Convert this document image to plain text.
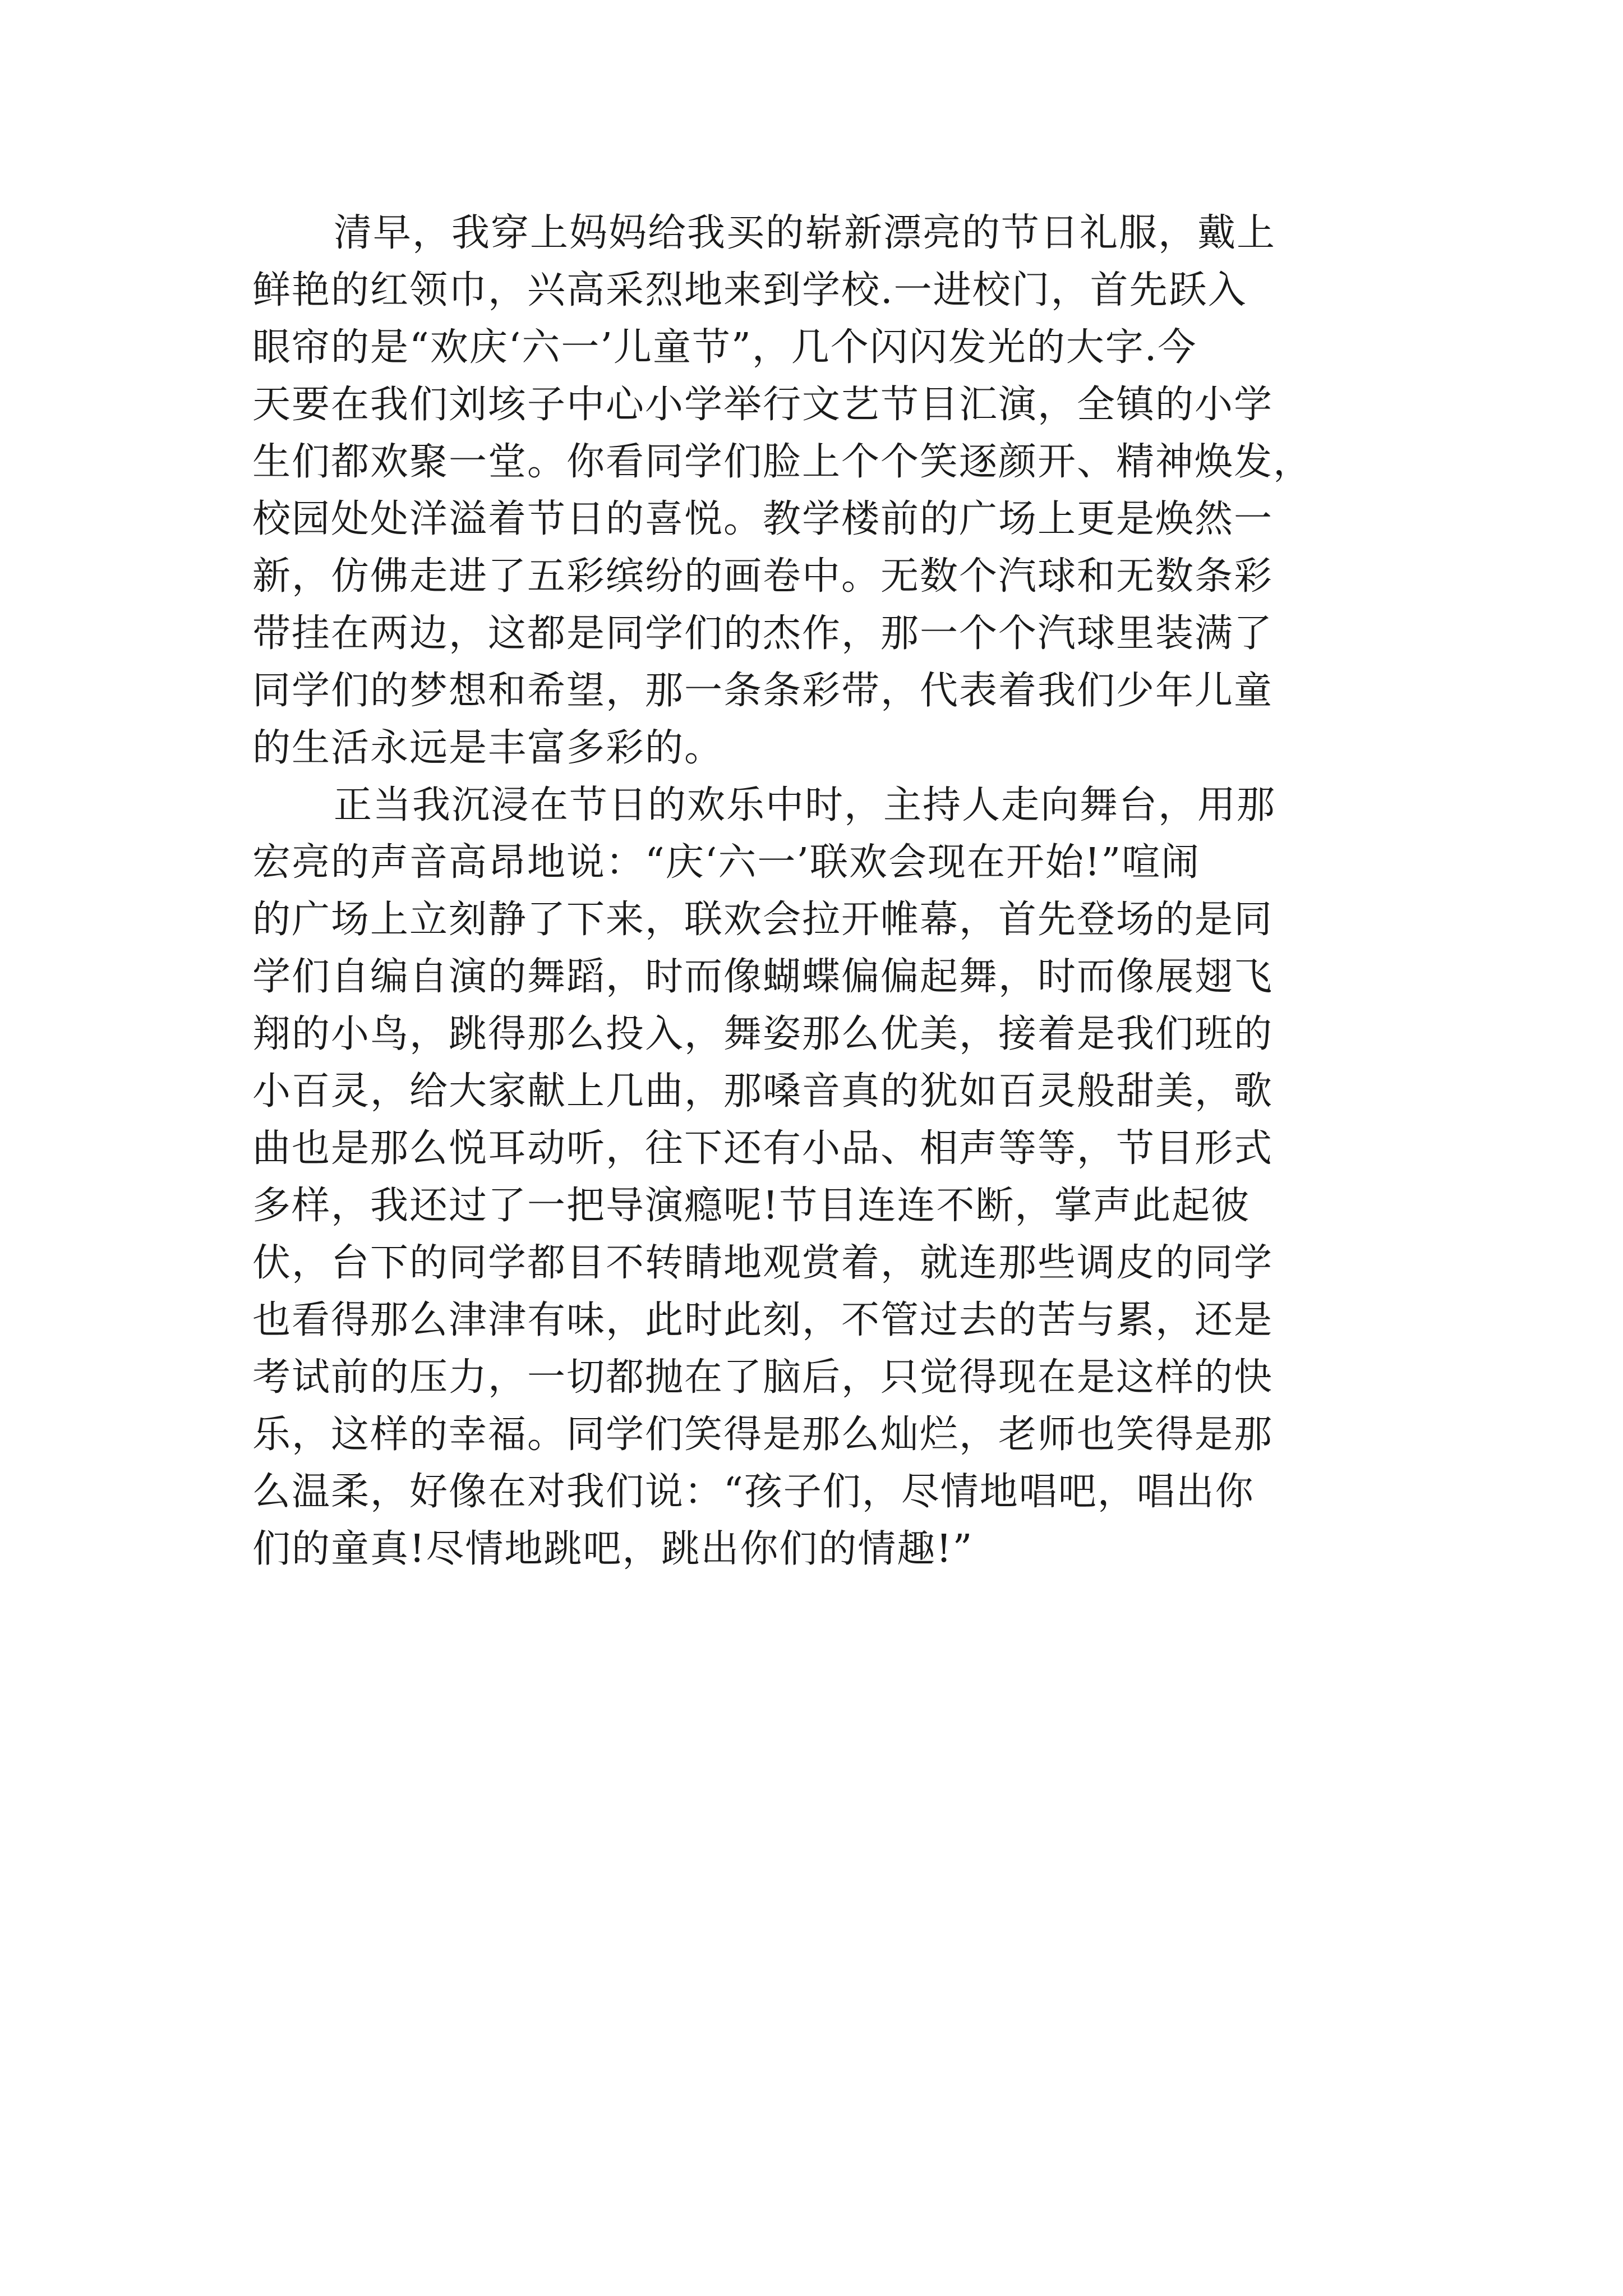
清早，我穿上妈妈给我买的崭新漂亮的节日礼服，戴上
鲜艳的红领巾，兴高采烈地来到学校.一进校门，首先跃入
眼帘的是“欢庆‘六一’儿童节”，几个闪闪发光的大字.今
天要在我们刘垓子中心小学举行文艺节目汇演，全镇的小学
生们都欢聚一堂。你看同学们脸上个个笑逐颜开、精神焕发，
校园处处洋溢着节日的喜悦。教学楼前的广场上更是焕然一
新，仿佛走进了五彩缤纷的画卷中。无数个汽球和无数条彩
带挂在两边，这都是同学们的杰作，那一个个汽球里装满了
同学们的梦想和希望，那一条条彩带，代表着我们少年儿童
的生活永远是丰富多彩的。
正当我沉浸在节日的欢乐中时，主持人走向舞台，用那
宏亮的声音高昂地说：“庆‘六一’联欢会现在开始!”喧闹
的广场上立刻静了下来，联欢会拉开帷幕，首先登场的是同
学们自编自演的舞蹈，时而像蝴蝶偏偏起舞，时而像展翅飞
翔的小鸟，跳得那么投入，舞姿那么优美，接着是我们班的
小百灵，给大家献上几曲，那嗓音真的犹如百灵般甜美，歌
曲也是那么悦耳动听，往下还有小品、相声等等，节目形式
多样，我还过了一把导演瘾呢!节目连连不断，掌声此起彼
伏，台下的同学都目不转睛地观赏着，就连那些调皮的同学
也看得那么津津有味，此时此刻，不管过去的苦与累，还是
考试前的压力，一切都抛在了脑后，只觉得现在是这样的快
乐，这样的幸福。同学们笑得是那么灿烂，老师也笑得是那
么温柔，好像在对我们说：“孩子们，尽情地唱吧，唱出你
们的童真!尽情地跳吧，跳出你们的情趣!”
